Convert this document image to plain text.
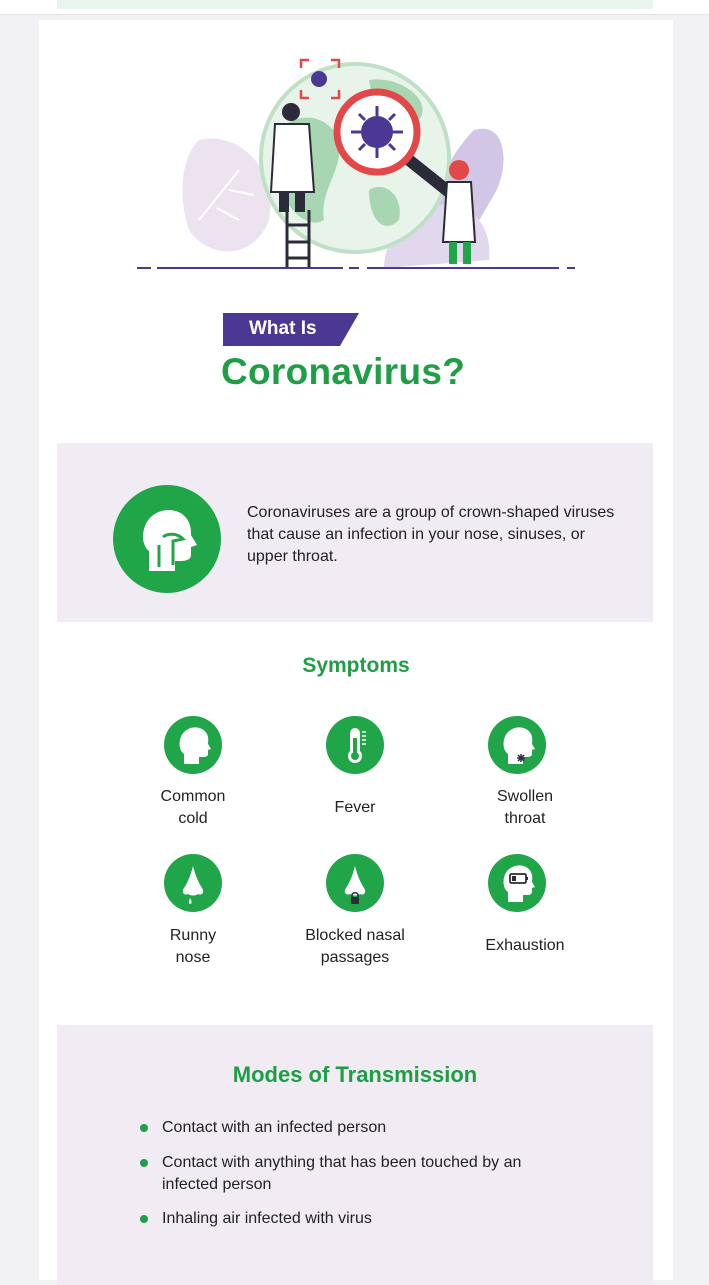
What Is
Coronavirus?
Coronaviruses are a group of crown-shaped viruses that cause an infection in your nose, sinuses, or upper throat.
Symptoms
Common
cold
Fever
Swollen
throat
Runny
nose
Blocked nasal
passages
Exhaustion
Modes of Transmission
Contact with an infected person
Contact with anything that has been touched by an infected person
Inhaling air infected with virus
